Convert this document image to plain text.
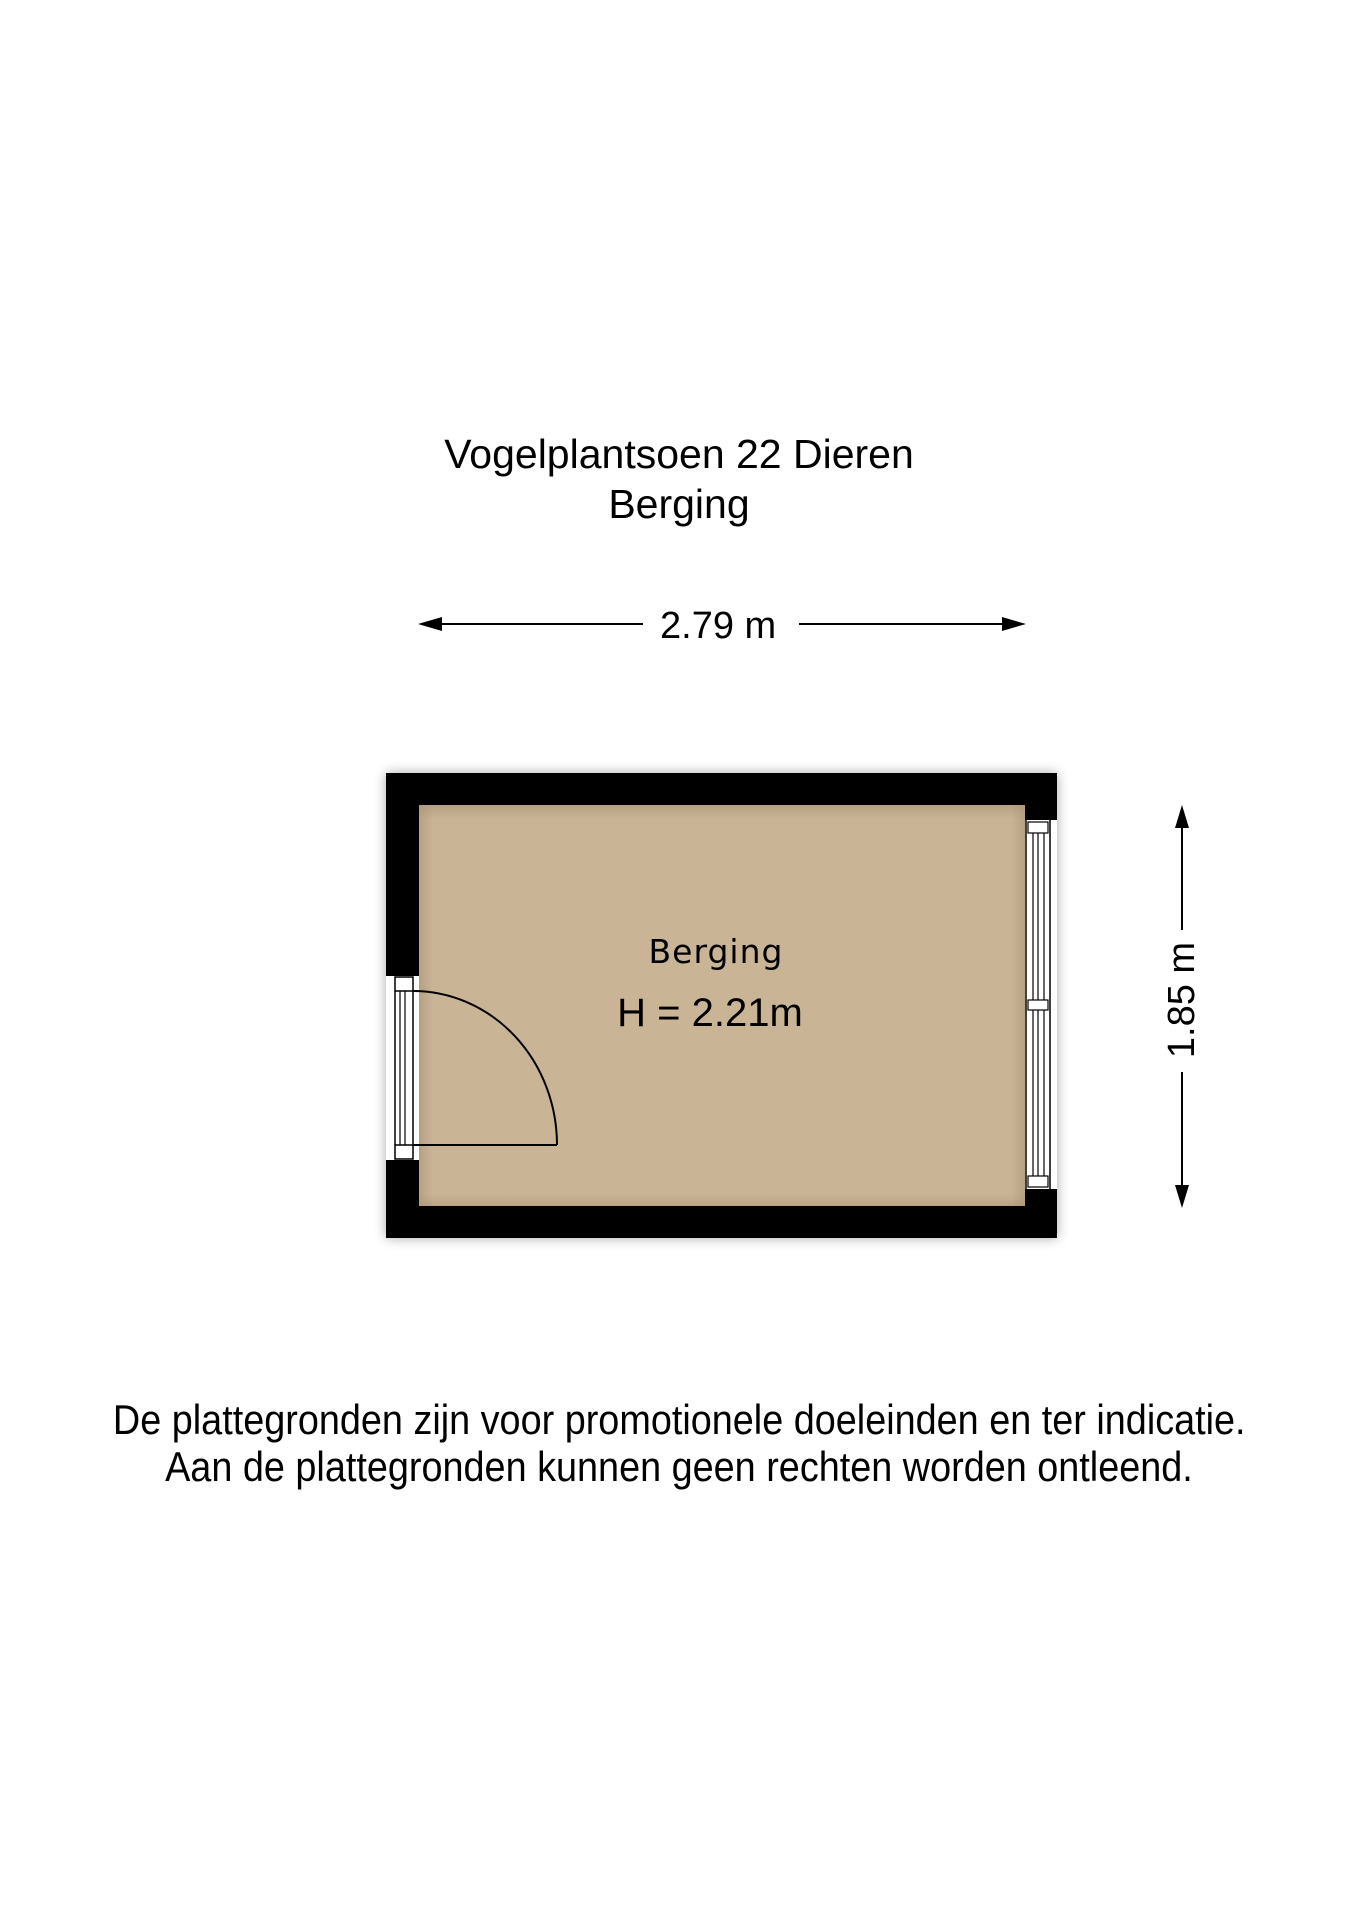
Vogelplantsoen 22 Dieren
Berging
2.79 m
1.85 m
Berging
H = 2.21m
De plattegronden zijn voor promotionele doeleinden en ter indicatie.
Aan de plattegronden kunnen geen rechten worden ontleend.
